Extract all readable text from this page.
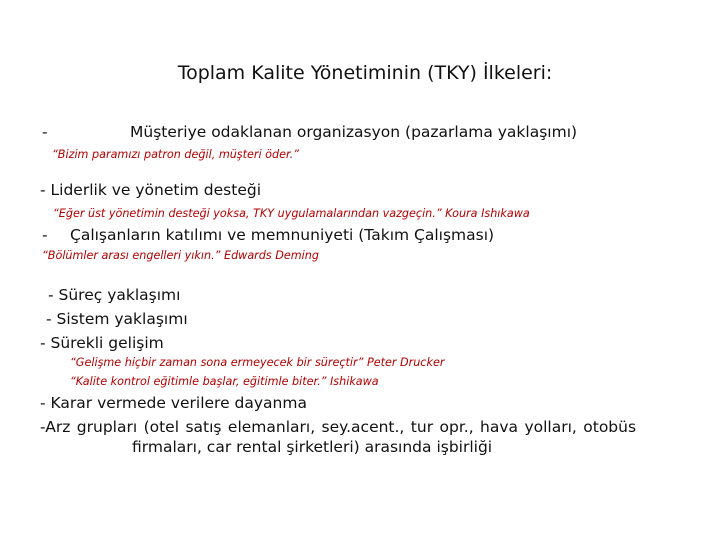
Toplam Kalite Yönetiminin (TKY) İlkeleri:
-	Müşteriye odaklanan organizasyon (pazarlama yaklaşımı)
“Bizim paramızı patron değil, müşteri öder.”
- Liderlik ve yönetim desteği
“Eğer üst yönetimin desteği yoksa, TKY uygulamalarından vazgeçin.” Koura Ishıkawa
- Çalışanların katılımı ve memnuniyeti (Takım Çalışması)
“Bölümler arası engelleri yıkın.” Edwards Deming
- Süreç yaklaşımı
- Sistem yaklaşımı
- Sürekli gelişim
“Gelişme hiçbir zaman sona ermeyecek bir süreçtir” Peter Drucker
“Kalite kontrol eğitimle başlar, eğitimle biter.” Ishikawa
- Karar vermede verilere dayanma
-Arz grupları (otel satış elemanları, sey.acent., tur opr., hava yolları, otobüs
firmaları, car rental şirketleri) arasında işbirliği
